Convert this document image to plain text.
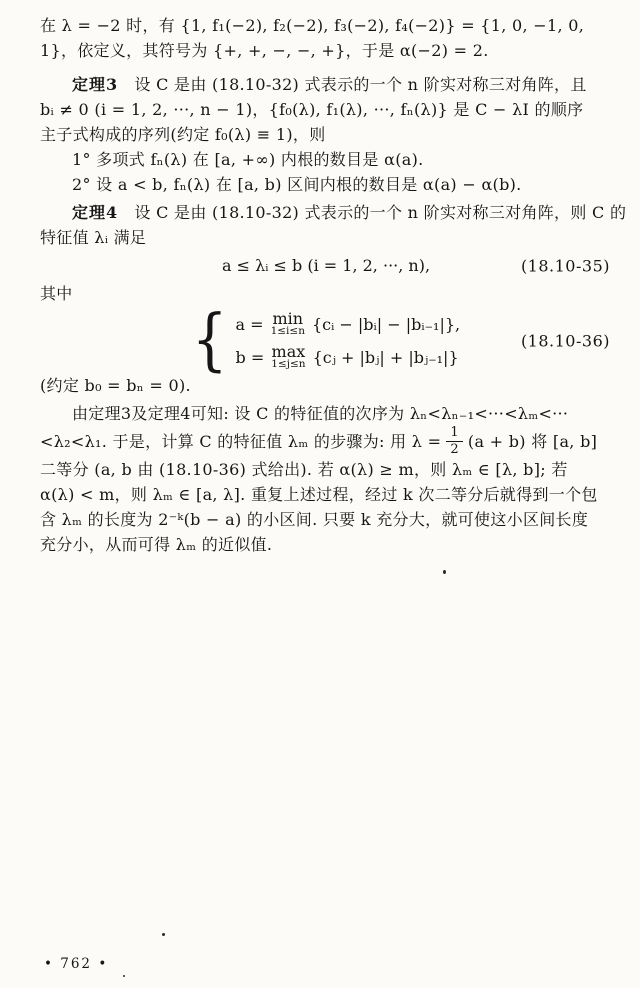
在 λ = −2 时，有 {1, f₁(−2), f₂(−2), f₃(−2), f₄(−2)} = {1, 0, −1, 0,
1}，依定义，其符号为 {+, +, −, −, +}，于是 α(−2) = 2.
定理3　设 C 是由 (18.10-32) 式表示的一个 n 阶实对称三对角阵，且
bᵢ ≠ 0 (i = 1, 2, ···, n − 1)，{f₀(λ), f₁(λ), ···, fₙ(λ)} 是 C − λI 的顺序
主子式构成的序列(约定 f₀(λ) ≡ 1)，则
1° 多项式 fₙ(λ) 在 [a, +∞) 内根的数目是 α(a).
2° 设 a < b, fₙ(λ) 在 [a, b) 区间内根的数目是 α(a) − α(b).
定理4　设 C 是由 (18.10-32) 式表示的一个 n 阶实对称三对角阵，则 C 的
特征值 λᵢ 满足
a ≤ λᵢ ≤ b (i = 1, 2, ···, n),	(18.10-35)
其中
{ a = min
1≤i≤n {cᵢ − |bᵢ| − |bᵢ₋₁|},
b = max
1≤j≤n {cⱼ + |bⱼ| + |bⱼ₋₁|}
(18.10-36)
(约定 b₀ = bₙ = 0).
由定理3及定理4可知: 设 C 的特征值的次序为 λₙ<λₙ₋₁<···<λₘ<···
<λ₂<λ₁. 于是，计算 C 的特征值 λₘ 的步骤为: 用 $\lambda = \frac{1}{2} (a + b)$ 将 [a, b]
二等分 (a, b 由 (18.10-36) 式给出). 若 α(λ) ≥ m，则 λₘ ∈ [λ, b]; 若
α(λ) < m，则 λₘ ∈ [a, λ]. 重复上述过程，经过 k 次二等分后就得到一个包
含 λₘ 的长度为 2⁻ᵏ(b − a) 的小区间. 只要 k 充分大，就可使这小区间长度
充分小，从而可得 λₘ 的近似值.
• 762 •
